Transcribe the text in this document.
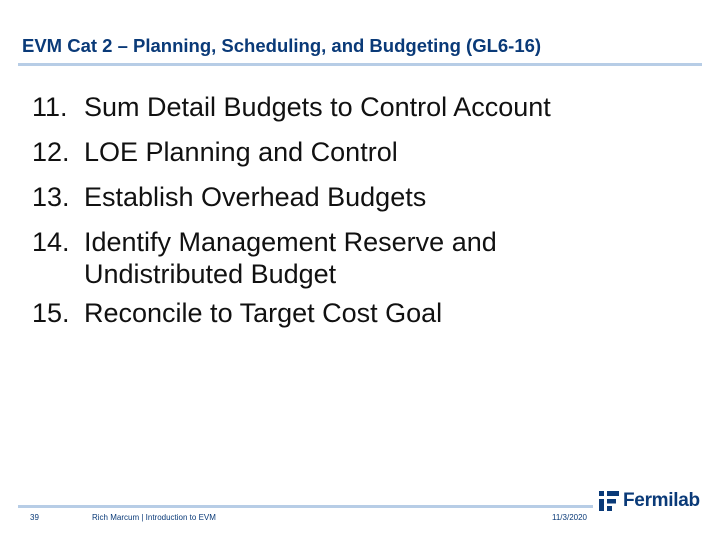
EVM Cat 2 – Planning, Scheduling, and Budgeting (GL6-16)
11. Sum Detail Budgets to Control Account
12. LOE Planning and Control
13. Establish Overhead Budgets
14. Identify Management Reserve and
Undistributed Budget
15. Reconcile to Target Cost Goal
39	Rich Marcum | Introduction to EVM	11/3/2020
Fermilab
